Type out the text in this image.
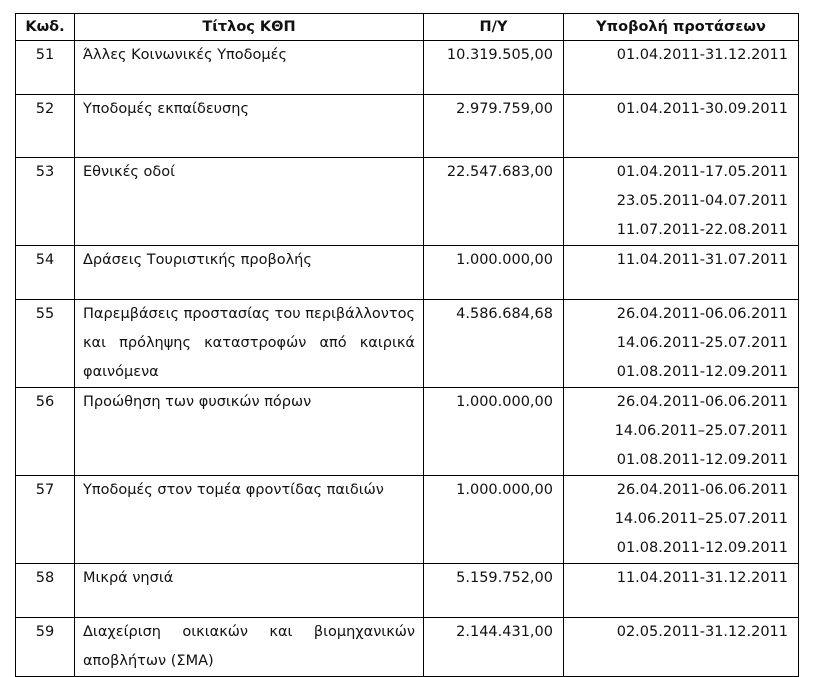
Κωδ.	Τίτλος ΚΘΠ	Π/Υ	Υποβολή προτάσεων
51	Άλλες Κοινωνικές Υποδομές	10.319.505,00	01.04.2011-31.12.2011

52	Υποδομές εκπαίδευσης	2.979.759,00	01.04.2011-30.09.2011

53	Εθνικές οδοί	22.547.683,00	01.04.2011-17.05.2011
23.05.2011-04.07.2011
11.07.2011-22.08.2011

54	Δράσεις Τουριστικής προβολής	1.000.000,00	11.04.2011-31.07.2011

55	Παρεμβάσεις προστασίας του περιβάλλοντος και πρόληψης καταστροφών από καιρικά φαινόμενα	4.586.684,68	26.04.2011-06.06.2011
14.06.2011-25.07.2011
01.08.2011-12.09.2011

56	Προώθηση των φυσικών πόρων	1.000.000,00	26.04.2011-06.06.2011
14.06.2011–25.07.2011
01.08.2011-12.09.2011

57	Υποδομές στον τομέα φροντίδας παιδιών	1.000.000,00	26.04.2011-06.06.2011
14.06.2011–25.07.2011
01.08.2011-12.09.2011

58	Μικρά νησιά	5.159.752,00	11.04.2011-31.12.2011

59	Διαχείριση οικιακών και βιομηχανικών αποβλήτων (ΣΜΑ)	2.144.431,00	02.05.2011-31.12.2011
